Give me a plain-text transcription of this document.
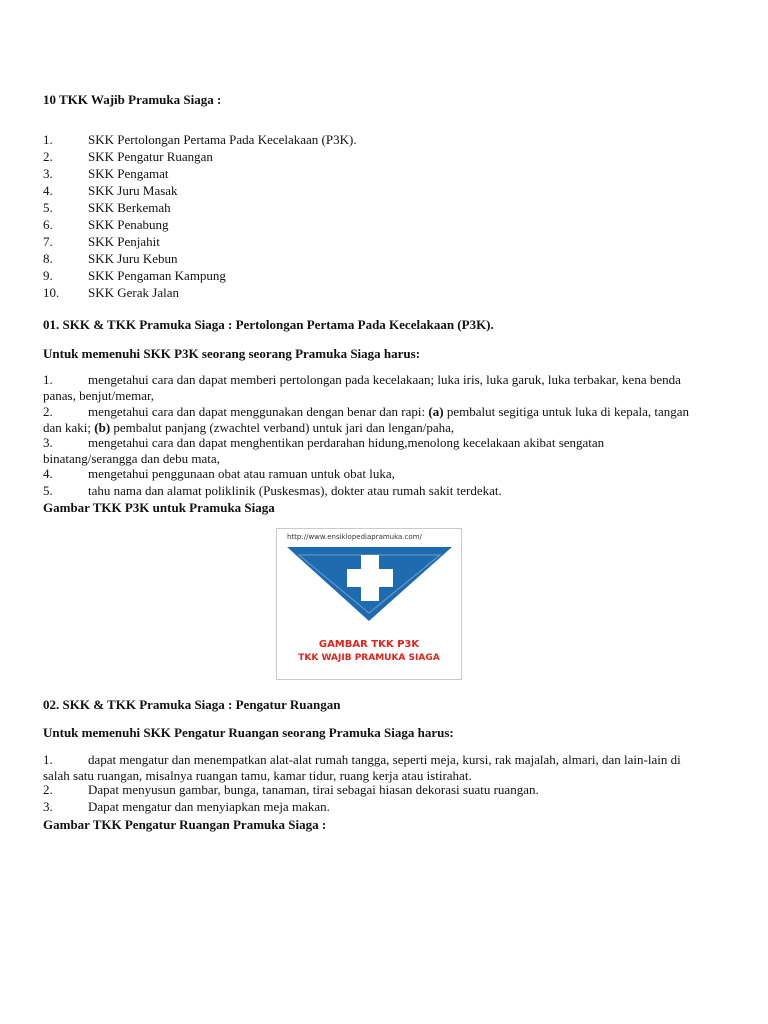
10 TKK Wajib Pramuka Siaga :
1.	SKK Pertolongan Pertama Pada Kecelakaan (P3K).
2.	SKK Pengatur Ruangan
3.	SKK Pengamat
4.	SKK Juru Masak
5.	SKK Berkemah
6.	SKK Penabung
7.	SKK Penjahit
8.	SKK Juru Kebun
9.	SKK Pengaman Kampung
10. SKK Gerak Jalan
01. SKK & TKK Pramuka Siaga : Pertolongan Pertama Pada Kecelakaan (P3K).
Untuk memenuhi SKK P3K seorang seorang Pramuka Siaga harus:
1.	mengetahui cara dan dapat memberi pertolongan pada kecelakaan; luka iris, luka garuk, luka terbakar, kena benda panas, benjut/memar,
2.	mengetahui cara dan dapat menggunakan dengan benar dan rapi: (a) pembalut segitiga untuk luka di kepala, tangan dan kaki; (b) pembalut panjang (zwachtel verband) untuk jari dan lengan/paha,
3.	mengetahui cara dan dapat menghentikan perdarahan hidung,menolong kecelakaan akibat sengatan binatang/serangga dan debu mata,
4.	mengetahui penggunaan obat atau ramuan untuk obat luka,
5.	tahu nama dan alamat poliklinik (Puskesmas), dokter atau rumah sakit terdekat.
Gambar TKK P3K untuk Pramuka Siaga
http://www.ensiklopediapramuka.com/
GAMBAR TKK P3K
TKK WAJIB PRAMUKA SIAGA
02. SKK & TKK Pramuka Siaga : Pengatur Ruangan
Untuk memenuhi SKK Pengatur Ruangan seorang Pramuka Siaga harus:
1.	dapat mengatur dan menempatkan alat-alat rumah tangga, seperti meja, kursi, rak majalah, almari, dan lain-lain di salah satu ruangan, misalnya ruangan tamu, kamar tidur, ruang kerja atau istirahat.
2.	Dapat menyusun gambar, bunga, tanaman, tirai sebagai hiasan dekorasi suatu ruangan.
3.	Dapat mengatur dan menyiapkan meja makan.
Gambar TKK Pengatur Ruangan Pramuka Siaga :
